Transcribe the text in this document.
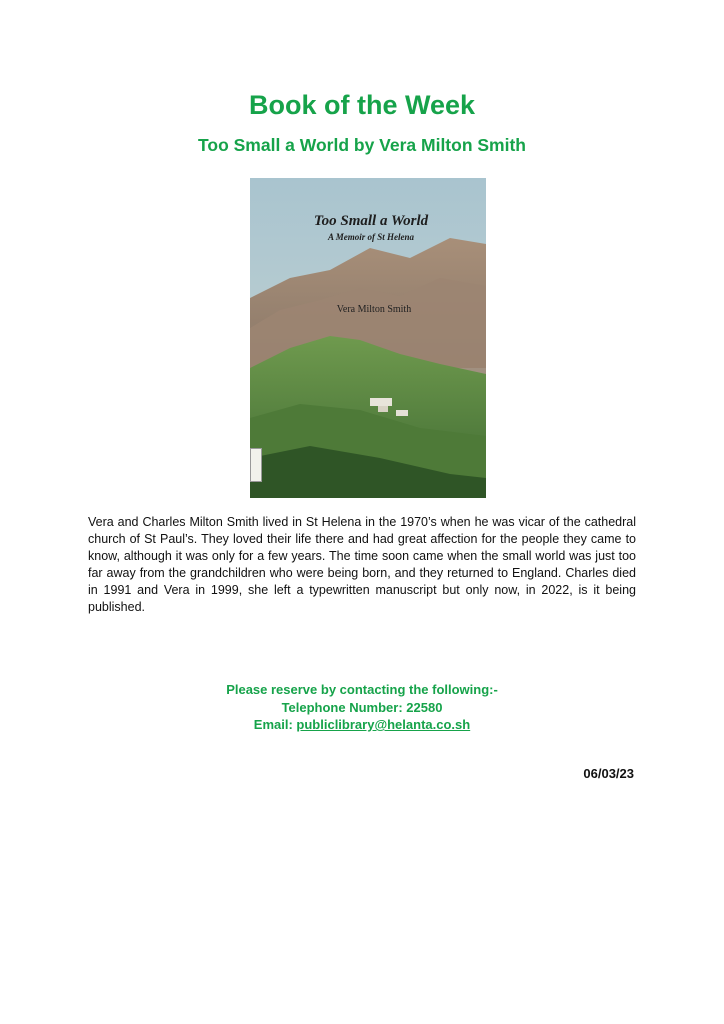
Book of the Week
Too Small a World by Vera Milton Smith
Too Small a World
A Memoir of St Helena
Vera Milton Smith

Vera and Charles Milton Smith lived in St Helena in the 1970’s when he was vicar of the cathedral church of St Paul’s. They loved their life there and had great affection for the people they came to know, although it was only for a few years. The time soon came when the small world was just too far away from the grandchildren who were being born, and they returned to England. Charles died in 1991 and Vera in 1999, she left a typewritten manuscript but only now, in 2022, is it being published.

Please reserve by contacting the following:-
Telephone Number: 22580
Email: publiclibrary@helanta.co.sh
06/03/23
